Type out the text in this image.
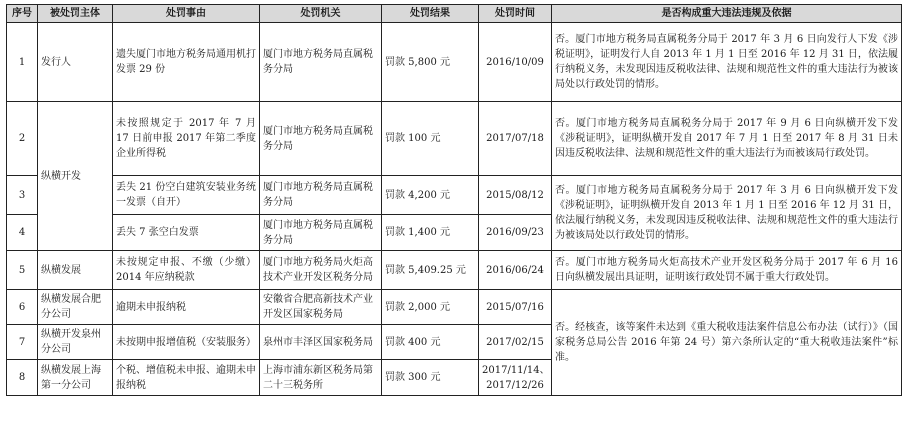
序号	被处罚主体	处罚事由	处罚机关	处罚结果	处罚时间	是否构成重大违法违规及依据
1	发行人	遗失厦门市地方税务局通用机打发票 29 份	厦门市地方税务局直属税务分局	罚款 5,800 元	2016/10/09	否。厦门市地方税务局直属税务分局于 2017 年 3 月 6 日向发行人下发《涉税证明》，证明发行人自 2013 年 1 月 1 日至 2016 年 12 月 31 日，依法履行纳税义务，未发现因违反税收法律、法规和规范性文件的重大违法行为被该局处以行政处罚的情形。
2	纵横开发	未按照规定于 2017 年 7 月 17 日前申报 2017 年第二季度企业所得税	厦门市地方税务局直属税务分局	罚款 100 元	2017/07/18	否。厦门市地方税务局直属税务分局于 2017 年 9 月 6 日向纵横开发下发《涉税证明》，证明纵横开发自 2017 年 7 月 1 日至 2017 年 8 月 31 日未因违反税收法律、法规和规范性文件的重大违法行为而被该局行政处罚。
3		丢失 21 份空白建筑安装业务统一发票（自开）	厦门市地方税务局直属税务分局	罚款 4,200 元	2015/08/12	否。厦门市地方税务局直属税务分局于 2017 年 3 月 6 日向纵横开发下发《涉税证明》，证明纵横开发自 2013 年 1 月 1 日至 2016 年 12 月 31 日，依法履行纳税义务，未发现因违反税收法律、法规和规范性文件的重大违法行为被该局处以行政处罚的情形。
4		丢失 7 张空白发票	厦门市地方税务局直属税务分局	罚款 1,400 元	2016/09/23	
5	纵横发展	未按规定申报、不缴（少缴）2014 年应纳税款	厦门市地方税务局火炬高技术产业开发区税务分局	罚款 5,409.25 元	2016/06/24	否。厦门市地方税务局火炬高技术产业开发区税务分局于 2017 年 6 月 16 日向纵横发展出具证明，证明该行政处罚不属于重大行政处罚。
6	纵横发展合肥分公司	逾期未申报纳税	安徽省合肥高新技术产业开发区国家税务局	罚款 2,000 元	2015/07/16	否。经核查，该等案件未达到《重大税收违法案件信息公布办法（试行）》（国家税务总局公告 2016 年第 24 号）第六条所认定的“重大税收违法案件”标准。
7	纵横开发泉州分公司	未按期申报增值税（安装服务）	泉州市丰泽区国家税务局	罚款 400 元	2017/02/15	
8	纵横发展上海第一分公司	个税、增值税未申报、逾期未申报纳税	上海市浦东新区税务局第二十三税务所	罚款 300 元	2017/11/14、2017/12/26	
